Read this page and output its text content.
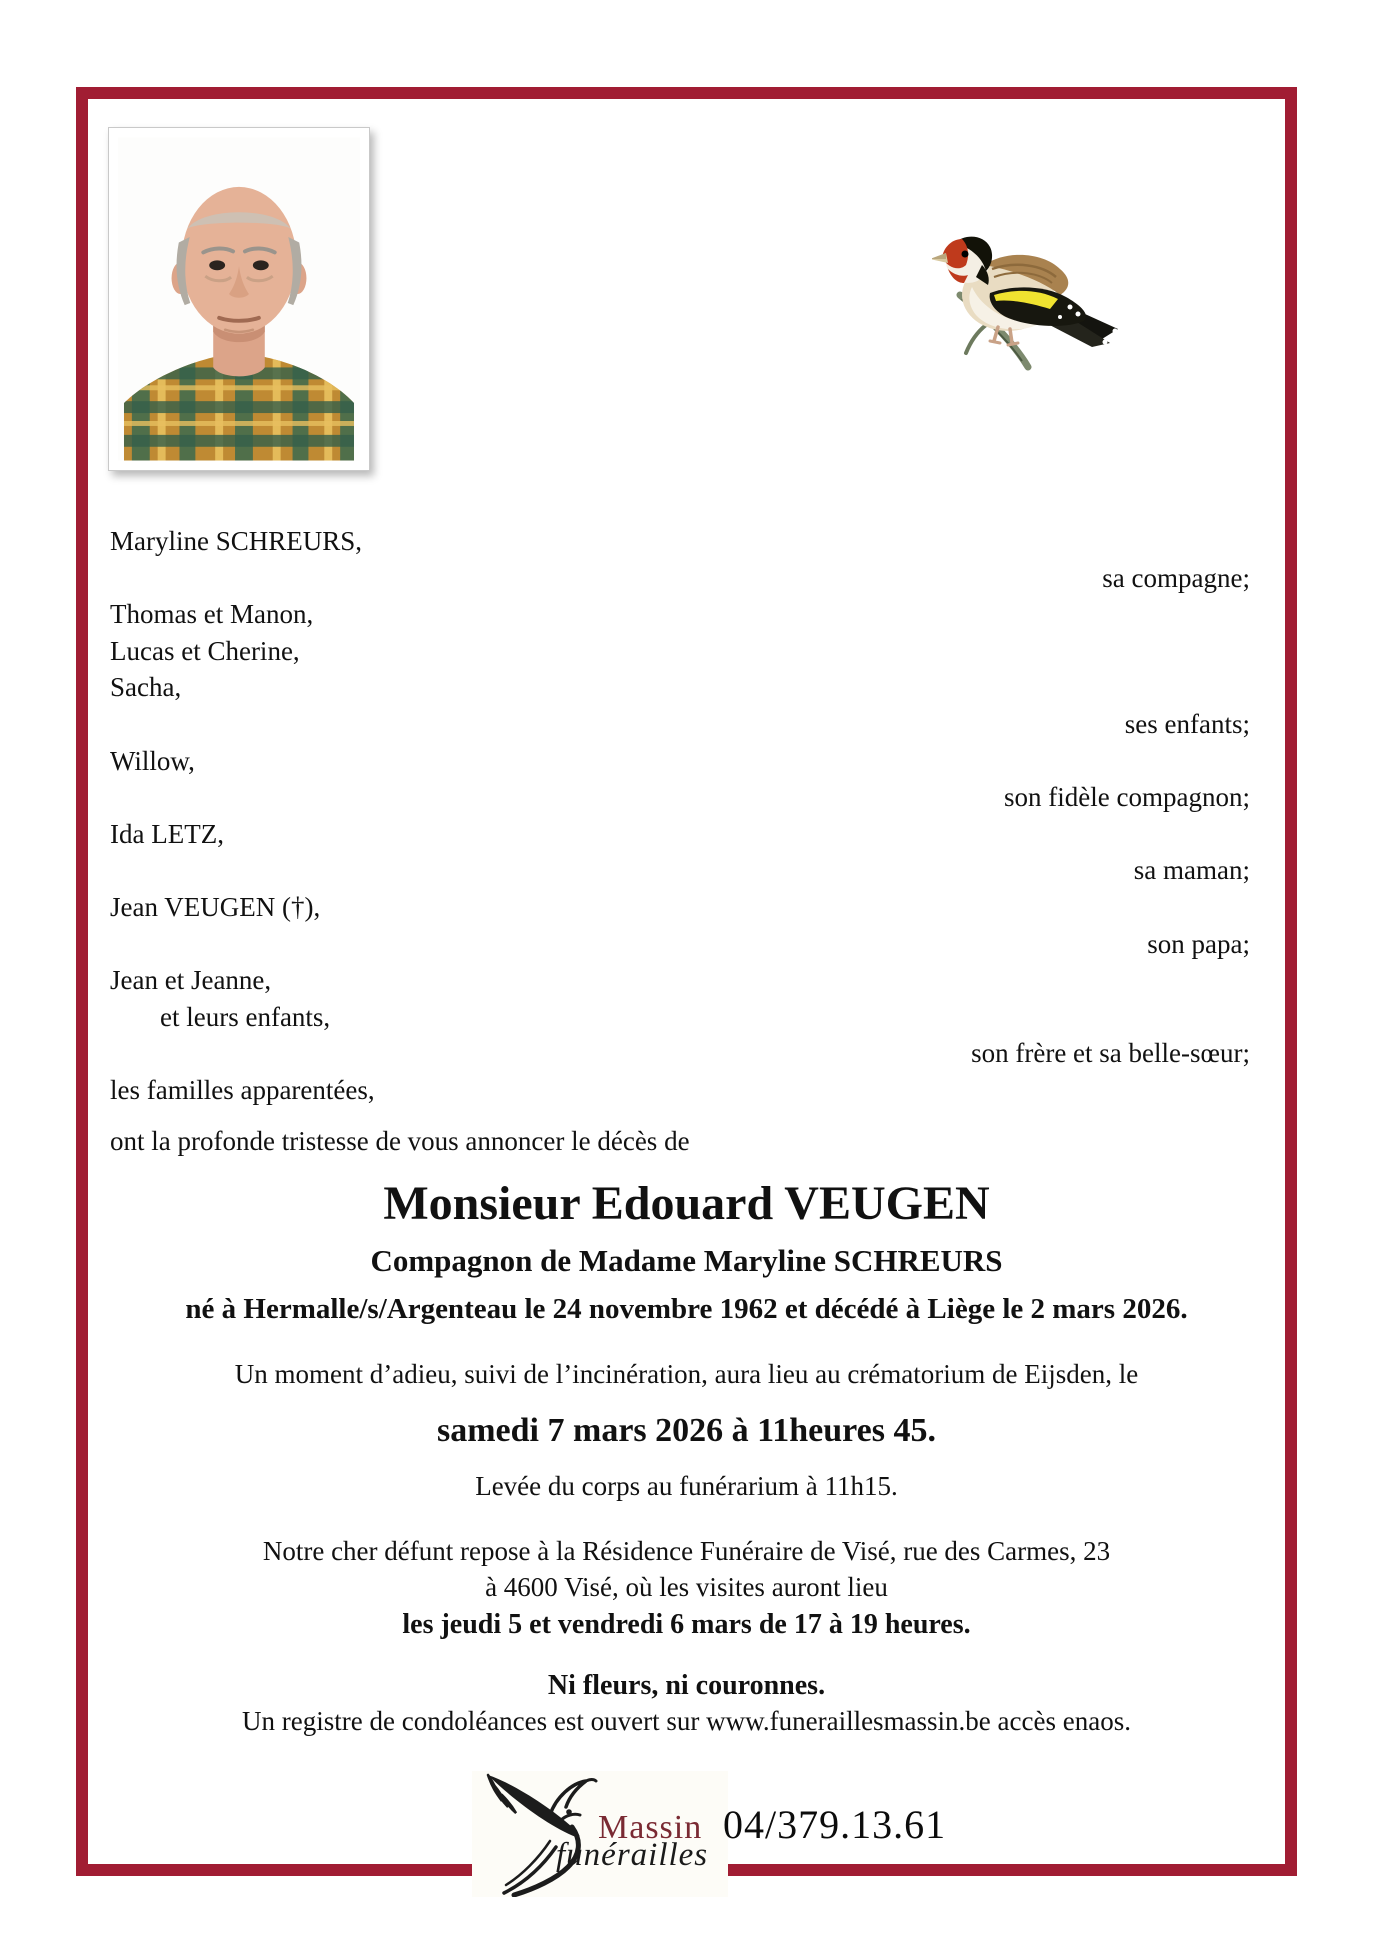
Maryline SCHREURS,
sa compagne;
Thomas et Manon,
Lucas et Cherine,
Sacha,
ses enfants;
Willow,
son fidèle compagnon;
Ida LETZ,
sa maman;
Jean VEUGEN (†),
son papa;
Jean et Jeanne,
et leurs enfants,
son frère et sa belle-sœur;
les familles apparentées,
ont la profonde tristesse de vous annoncer le décès de
Monsieur Edouard VEUGEN
Compagnon de Madame Maryline SCHREURS
né à Hermalle/s/Argenteau le 24 novembre 1962 et décédé à Liège le 2 mars 2026.
Un moment d’adieu, suivi de l’incinération, aura lieu au crématorium de Eijsden, le
samedi 7 mars 2026 à 11heures 45.
Levée du corps au funérarium à 11h15.
Notre cher défunt repose à la Résidence Funéraire de Visé, rue des Carmes, 23
à 4600 Visé, où les visites auront lieu
les jeudi 5 et vendredi 6 mars de 17 à 19 heures.
Ni fleurs, ni couronnes.
Un registre de condoléances est ouvert sur www.funeraillesmassin.be accès enaos.
Massin
funérailles
04/379.13.61
